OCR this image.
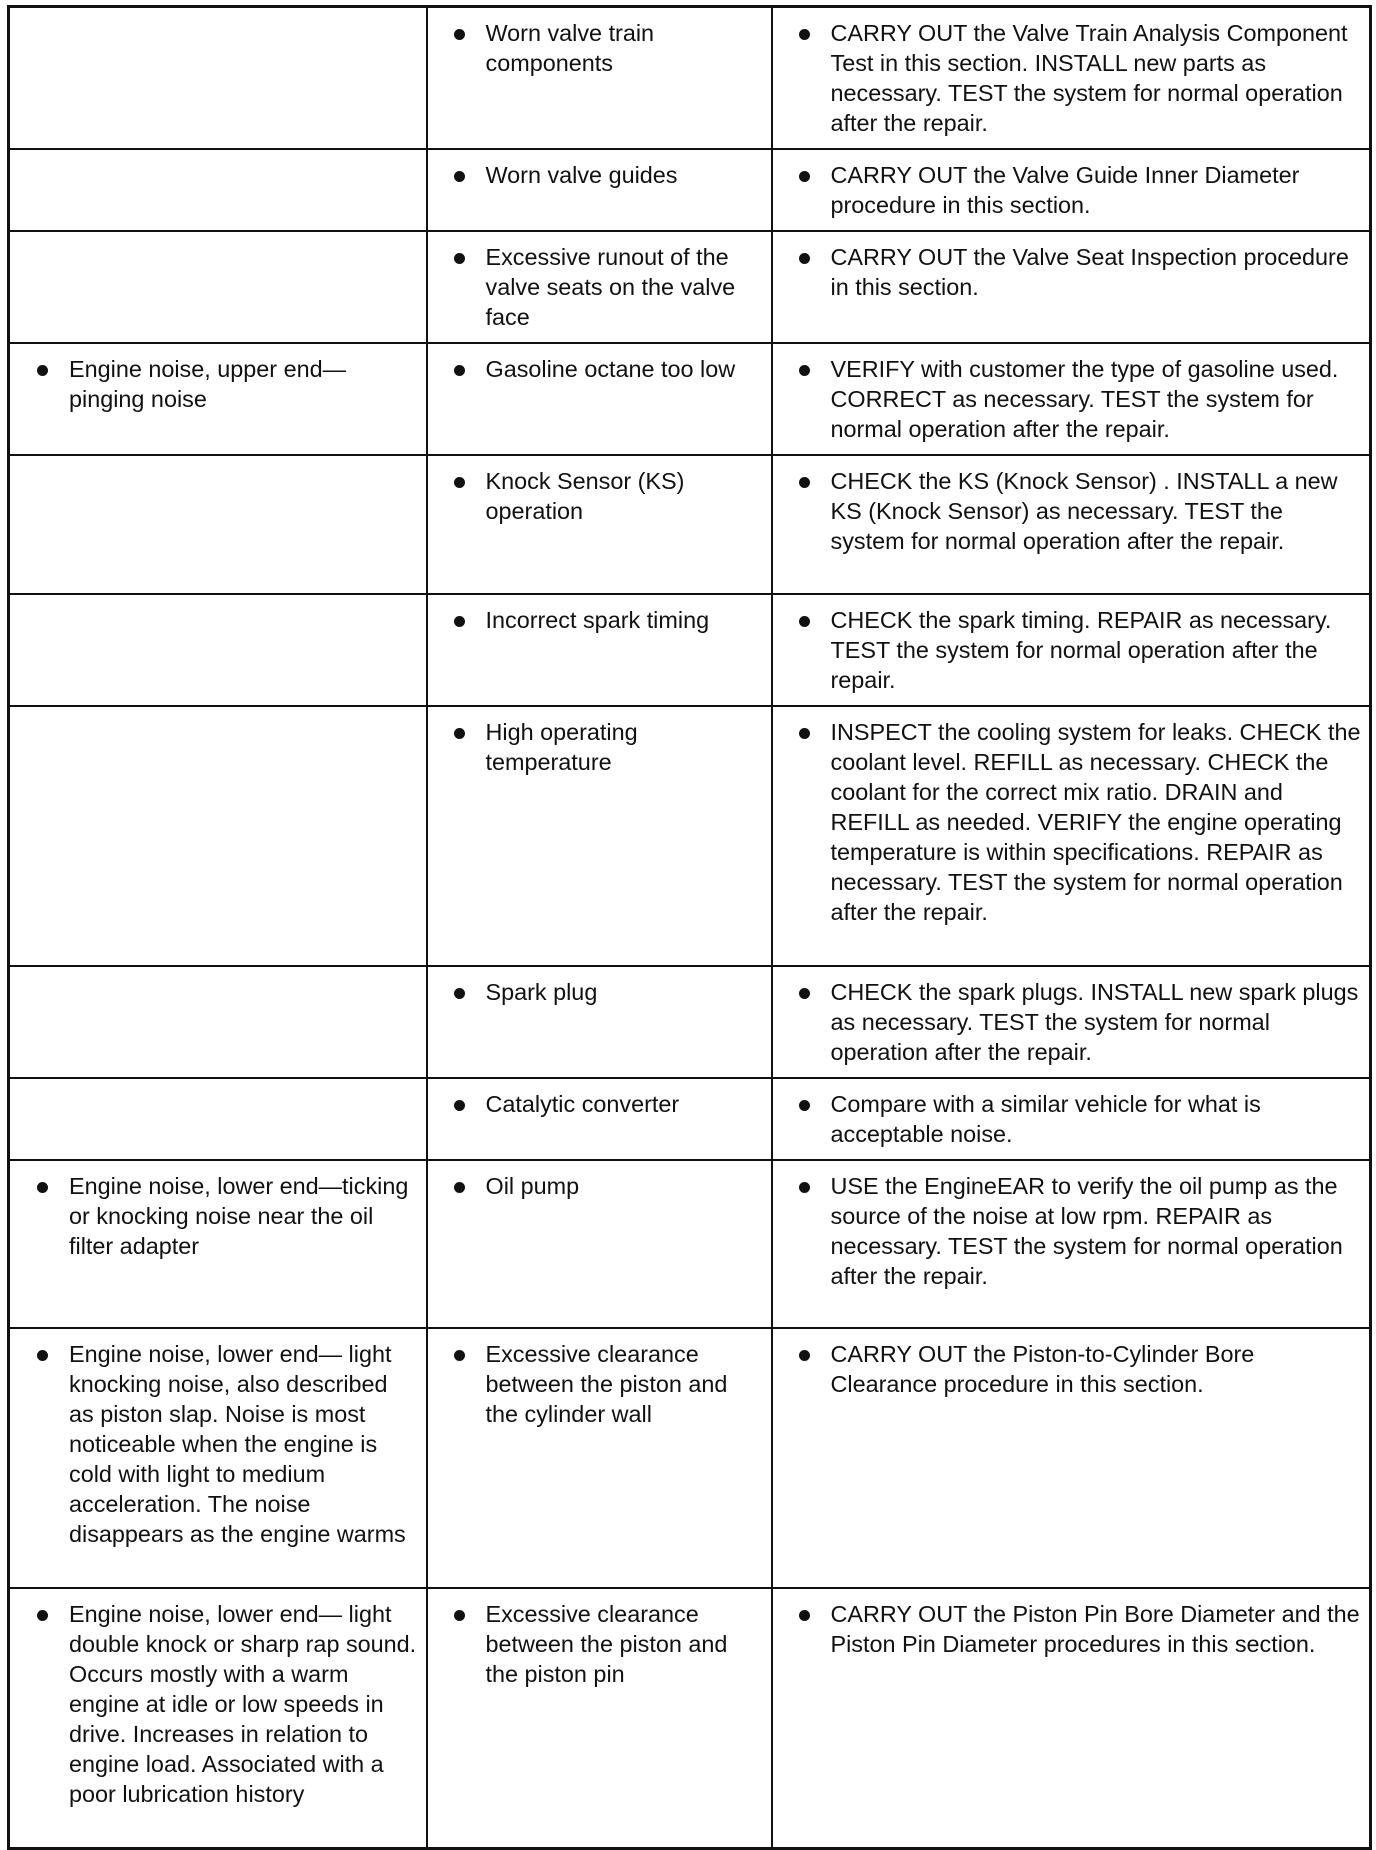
	Worn valve train components	CARRY OUT the Valve Train Analysis Component Test in this section. INSTALL new parts as necessary. TEST the system for normal operation after the repair.

	Worn valve guides	CARRY OUT the Valve Guide Inner Diameter procedure in this section.

	Excessive runout of the valve seats on the valve face	CARRY OUT the Valve Seat Inspection procedure in this section.

Engine noise, upper end—pinging noise	Gasoline octane too low	VERIFY with customer the type of gasoline used. CORRECT as necessary. TEST the system for normal operation after the repair.

	Knock Sensor (KS) operation	CHECK the KS (Knock Sensor) . INSTALL a new KS (Knock Sensor) as necessary. TEST the system for normal operation after the repair.

	Incorrect spark timing	CHECK the spark timing. REPAIR as necessary. TEST the system for normal operation after the repair.

	High operating temperature	INSPECT the cooling system for leaks. CHECK the coolant level. REFILL as necessary. CHECK the coolant for the correct mix ratio. DRAIN and REFILL as needed. VERIFY the engine operating temperature is within specifications. REPAIR as necessary. TEST the system for normal operation after the repair.

	Spark plug	CHECK the spark plugs. INSTALL new spark plugs as necessary. TEST the system for normal operation after the repair.

	Catalytic converter	Compare with a similar vehicle for what is acceptable noise.

Engine noise, lower end—ticking or knocking noise near the oil filter adapter	Oil pump	USE the EngineEAR to verify the oil pump as the source of the noise at low rpm. REPAIR as necessary. TEST the system for normal operation after the repair.

Engine noise, lower end— light knocking noise, also described as piston slap. Noise is most noticeable when the engine is cold with light to medium acceleration. The noise disappears as the engine warms	Excessive clearance between the piston and the cylinder wall	CARRY OUT the Piston-to-Cylinder Bore Clearance procedure in this section.

Engine noise, lower end— light double knock or sharp rap sound. Occurs mostly with a warm engine at idle or low speeds in drive. Increases in relation to engine load. Associated with a poor lubrication history	Excessive clearance between the piston and the piston pin	CARRY OUT the Piston Pin Bore Diameter and the Piston Pin Diameter procedures in this section.
